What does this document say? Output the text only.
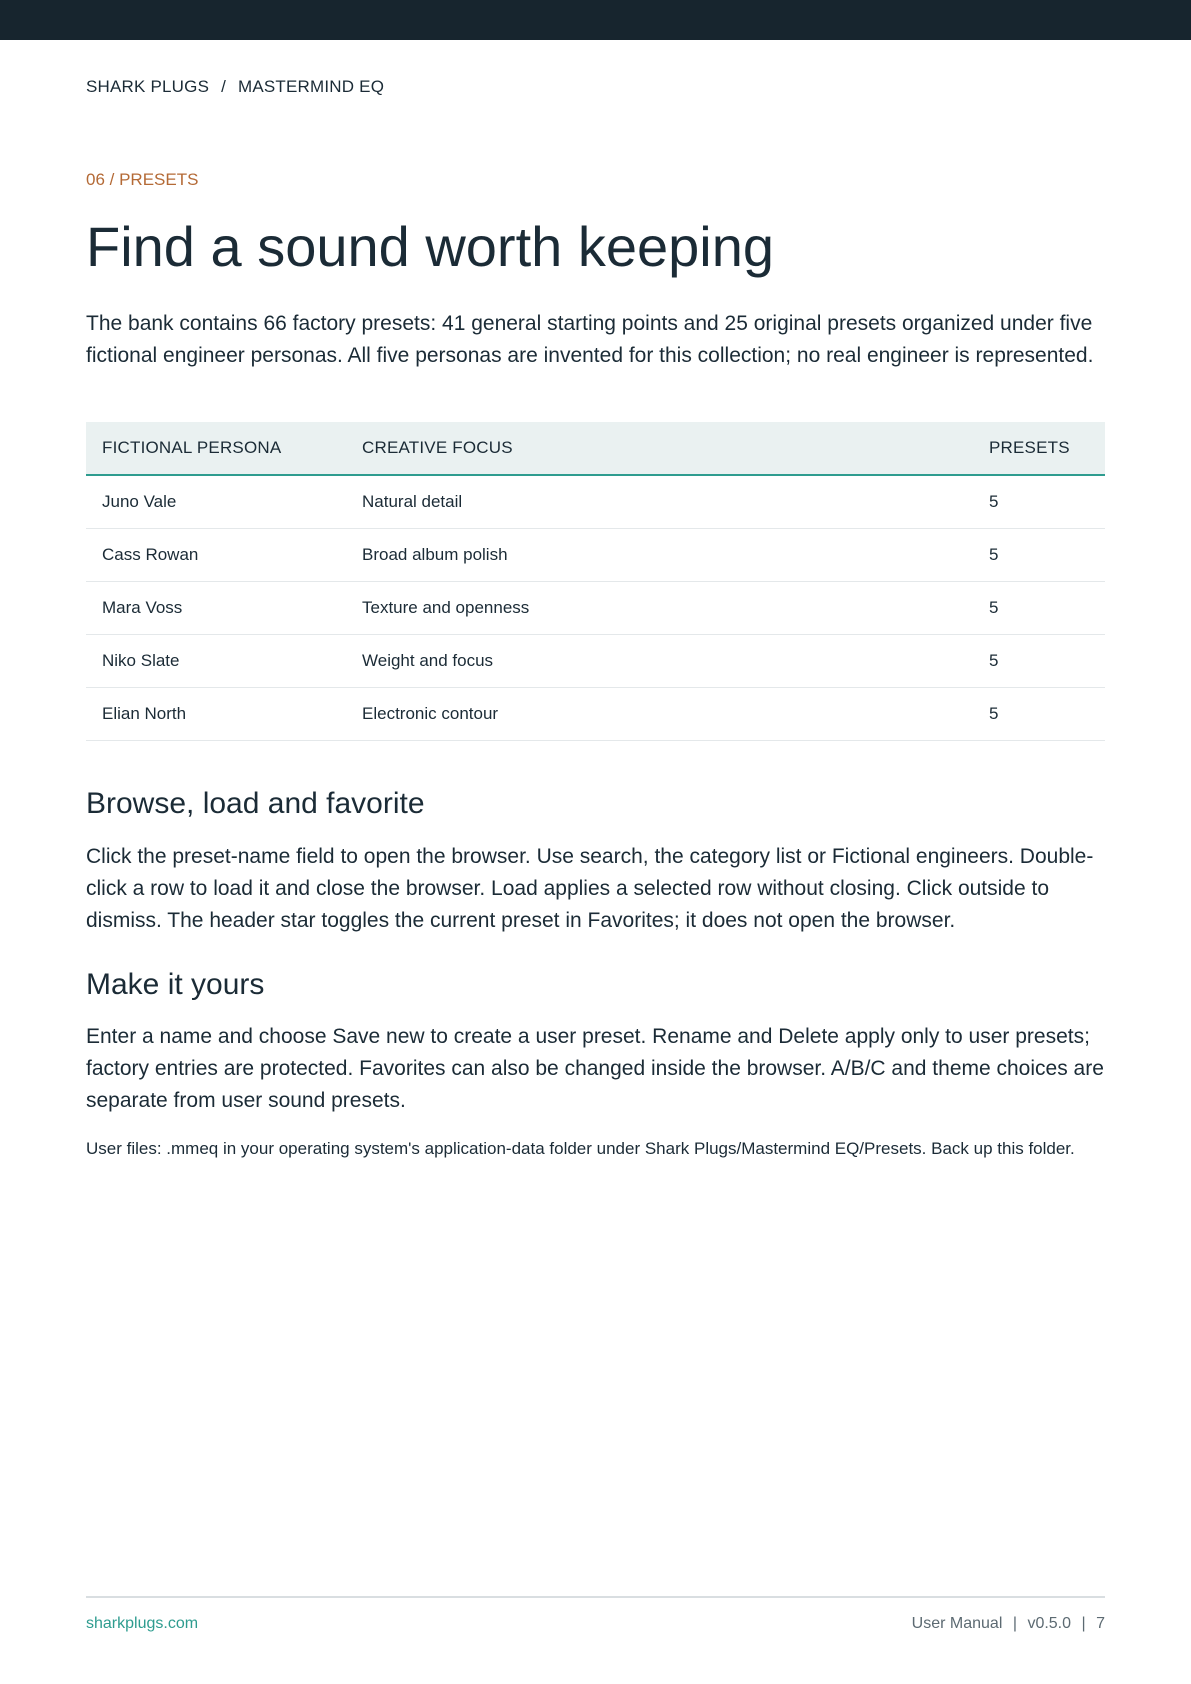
SHARK PLUGS / MASTERMIND EQ
06 / PRESETS
Find a sound worth keeping

The bank contains 66 factory presets: 41 general starting points and 25 original presets organized under five fictional engineer personas. All five personas are invented for this collection; no real engineer is represented.

FICTIONAL PERSONA	CREATIVE FOCUS	PRESETS
Juno Vale	Natural detail	5
Cass Rowan	Broad album polish	5
Mara Voss	Texture and openness	5
Niko Slate	Weight and focus	5
Elian North	Electronic contour	5
Browse, load and favorite

Click the preset-name field to open the browser. Use search, the category list or Fictional engineers. Double-click a row to load it and close the browser. Load applies a selected row without closing. Click outside to dismiss. The header star toggles the current preset in Favorites; it does not open the browser.

Make it yours

Enter a name and choose Save new to create a user preset. Rename and Delete apply only to user presets; factory entries are protected. Favorites can also be changed inside the browser. A/B/C and theme choices are separate from user sound presets.

User files: .mmeq in your operating system's application-data folder under Shark Plugs/Mastermind EQ/Presets. Back up this folder.

sharkplugs.com	User Manual | v0.5.0 | 7
